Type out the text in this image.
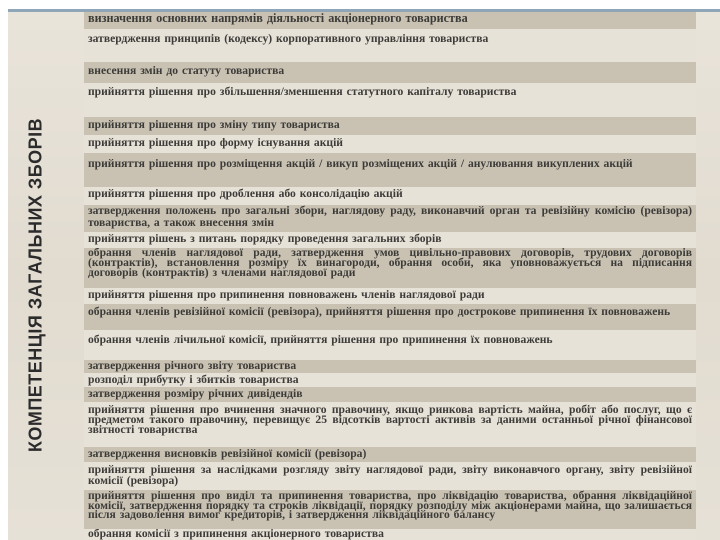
КОМПЕТЕНЦІЯ ЗАГАЛЬНИХ ЗБОРІВ
визначення основних напрямів діяльності акціонерного товариства
затвердження принципів (кодексу) корпоративного управління товариства
внесення змін до статуту товариства
прийняття рішення про збільшення/зменшення статутного капіталу товариства
прийняття рішення про зміну типу товариства
прийняття рішення про форму існування акцій
прийняття рішення про розміщення акцій / викуп розміщених акцій / анулювання викуплених акцій
прийняття рішення про дроблення або консолідацію акцій
затвердження положень про загальні збори, наглядову раду, виконавчий орган та ревізійну комісію (ревізора) товариства, а також внесення змін
прийняття рішень з питань порядку проведення загальних зборів
обрання членів наглядової ради, затвердження умов цивільно-правових договорів, трудових договорів (контрактів), встановлення розміру їх винагороди, обрання особи, яка уповноважується на підписання договорів (контрактів) з членами наглядової ради
прийняття рішення про припинення повноважень членів наглядової ради
обрання членів ревізійної комісії (ревізора), прийняття рішення про дострокове припинення їх повноважень
обрання членів лічильної комісії, прийняття рішення про припинення їх повноважень
затвердження річного звіту товариства
розподіл прибутку і збитків товариства
затвердження розміру річних дивідендів
прийняття рішення про вчинення значного правочину, якщо ринкова вартість майна, робіт або послуг, що є предметом такого правочину, перевищує 25 відсотків вартості активів за даними останньої річної фінансової звітності товариства
затвердження висновків ревізійної комісії (ревізора)
прийняття рішення за наслідками розгляду звіту наглядової ради, звіту виконавчого органу, звіту ревізійної комісії (ревізора)
прийняття рішення про виділ та припинення товариства, про ліквідацію товариства, обрання ліквідаційної комісії, затвердження порядку та строків ліквідації, порядку розподілу між акціонерами майна, що залишається після задоволення вимог кредиторів, і затвердження ліквідаційного балансу
обрання комісії з припинення акціонерного товариства
